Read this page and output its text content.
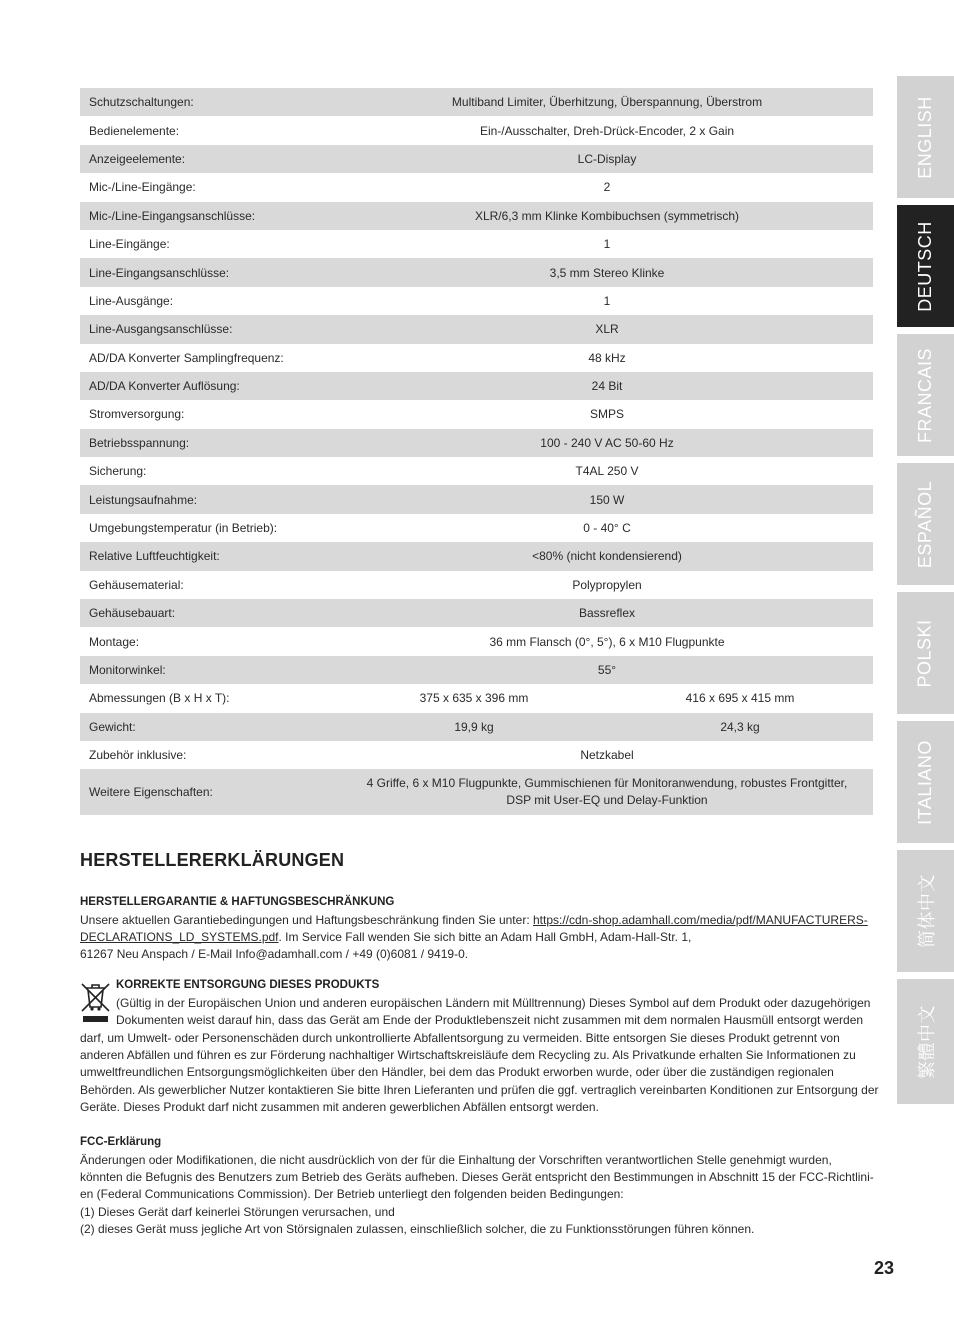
Schutzschaltungen:	Multiband Limiter, Überhitzung, Überspannung, Überstrom	
Bedienelemente:	Ein-/Ausschalter, Dreh-Drück-Encoder, 2 x Gain	
Anzeigeelemente:	LC-Display	
Mic-/Line-Eingänge:	2	
Mic-/Line-Eingangsanschlüsse:	XLR/6,3 mm Klinke Kombibuchsen (symmetrisch)	
Line-Eingänge:	1	
Line-Eingangsanschlüsse:	3,5 mm Stereo Klinke	
Line-Ausgänge:	1	
Line-Ausgangsanschlüsse:	XLR	
AD/DA Konverter Samplingfrequenz:	48 kHz	
AD/DA Konverter Auflösung:	24 Bit	
Stromversorgung:	SMPS	
Betriebsspannung:	100 - 240 V AC 50-60 Hz	
Sicherung:	T4AL 250 V	
Leistungsaufnahme:	150 W	
Umgebungstemperatur (in Betrieb):	0 - 40° C	
Relative Luftfeuchtigkeit:	<80% (nicht kondensierend)	
Gehäusematerial:	Polypropylen	
Gehäusebauart:	Bassreflex	
Montage:	36 mm Flansch (0°, 5°), 6 x M10 Flugpunkte	
Monitorwinkel:	55°	
Abmessungen (B x H x T):	375 x 635 x 396 mm	416 x 695 x 415 mm
Gewicht:	19,9 kg	24,3 kg
Zubehör inklusive:	Netzkabel	
Weitere Eigenschaften:	4 Griffe, 6 x M10 Flugpunkte, Gummischienen für Monitoranwendung, robustes Frontgitter,
DSP mit User-EQ und Delay-Funktion	
HERSTELLERERKLÄRUNGEN
HERSTELLERGARANTIE & HAFTUNGSBESCHRÄNKUNG
Unsere aktuellen Garantiebedingungen und Haftungsbeschränkung finden Sie unter: https://cdn-shop.adamhall.com/media/pdf/MANUFACTURERS-
DECLARATIONS_LD_SYSTEMS.pdf. Im Service Fall wenden Sie sich bitte an Adam Hall GmbH, Adam-Hall-Str. 1,
61267 Neu Anspach / E-Mail Info@adamhall.com / +49 (0)6081 / 9419-0.
KORREKTE ENTSORGUNG DIESES PRODUKTS
(Gültig in der Europäischen Union und anderen europäischen Ländern mit Mülltrennung) Dieses Symbol auf dem Produkt oder dazugehörigen
Dokumenten weist darauf hin, dass das Gerät am Ende der Produktlebenszeit nicht zusammen mit dem normalen Hausmüll entsorgt werden
darf, um Umwelt- oder Personenschäden durch unkontrollierte Abfallentsorgung zu vermeiden. Bitte entsorgen Sie dieses Produkt getrennt von
anderen Abfällen und führen es zur Förderung nachhaltiger Wirtschaftskreisläufe dem Recycling zu. Als Privatkunde erhalten Sie Informationen zu
umweltfreundlichen Entsorgungsmöglichkeiten über den Händler, bei dem das Produkt erworben wurde, oder über die zuständigen regionalen
Behörden. Als gewerblicher Nutzer kontaktieren Sie bitte Ihren Lieferanten und prüfen die ggf. vertraglich vereinbarten Konditionen zur Entsorgung der
Geräte. Dieses Produkt darf nicht zusammen mit anderen gewerblichen Abfällen entsorgt werden.
FCC-Erklärung
Änderungen oder Modifikationen, die nicht ausdrücklich von der für die Einhaltung der Vorschriften verantwortlichen Stelle genehmigt wurden,
könnten die Befugnis des Benutzers zum Betrieb des Geräts aufheben. Dieses Gerät entspricht den Bestimmungen in Abschnitt 15 der FCC-Richtlini-
en (Federal Communications Commission). Der Betrieb unterliegt den folgenden beiden Bedingungen:
(1) Dieses Gerät darf keinerlei Störungen verursachen, und
(2) dieses Gerät muss jegliche Art von Störsignalen zulassen, einschließlich solcher, die zu Funktionsstörungen führen können.
ENGLISH
DEUTSCH
FRANCAIS
ESPAÑOL
POLSKI
ITALIANO
简体中文
繁體中文
23
